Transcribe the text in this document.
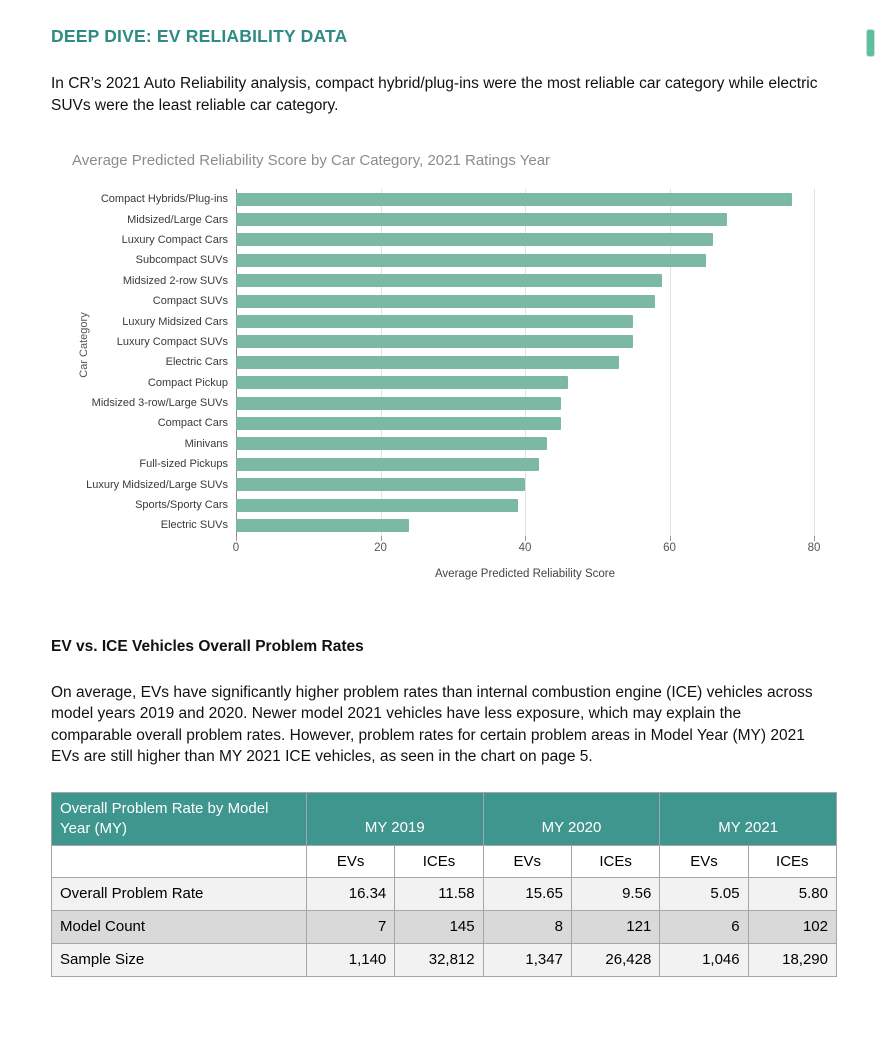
DEEP DIVE: EV RELIABILITY DATA

In CR’s 2021 Auto Reliability analysis, compact hybrid/plug-ins were the most reliable car category while electric SUVs were the least reliable car category.

Average Predicted Reliability Score by Car Category, 2021 Ratings Year
Car Category
Compact Hybrids/Plug-ins
Midsized/Large Cars
Luxury Compact Cars
Subcompact SUVs
Midsized 2-row SUVs
Compact SUVs
Luxury Midsized Cars
Luxury Compact SUVs
Electric Cars
Compact Pickup
Midsized 3-row/Large SUVs
Compact Cars
Minivans
Full-sized Pickups
Luxury Midsized/Large SUVs
Sports/Sporty Cars
Electric SUVs
0	20	40	60	80
Average Predicted Reliability Score
EV vs. ICE Vehicles Overall Problem Rates

On average, EVs have significantly higher problem rates than internal combustion engine (ICE) vehicles across model years 2019 and 2020. Newer model 2021 vehicles have less exposure, which may explain the comparable overall problem rates. However, problem rates for certain problem areas in Model Year (MY) 2021 EVs are still higher than MY 2021 ICE vehicles, as seen in the chart on page 5.

Overall Problem Rate by Model Year (MY)	MY 2019		MY 2020		MY 2021	
	EVs	ICEs	EVs	ICEs	EVs	ICEs
Overall Problem Rate	16.34	11.58	15.65	9.56	5.05	5.80
Model Count	7	145	8	121	6	102
Sample Size	1,140	32,812	1,347	26,428	1,046	18,290
